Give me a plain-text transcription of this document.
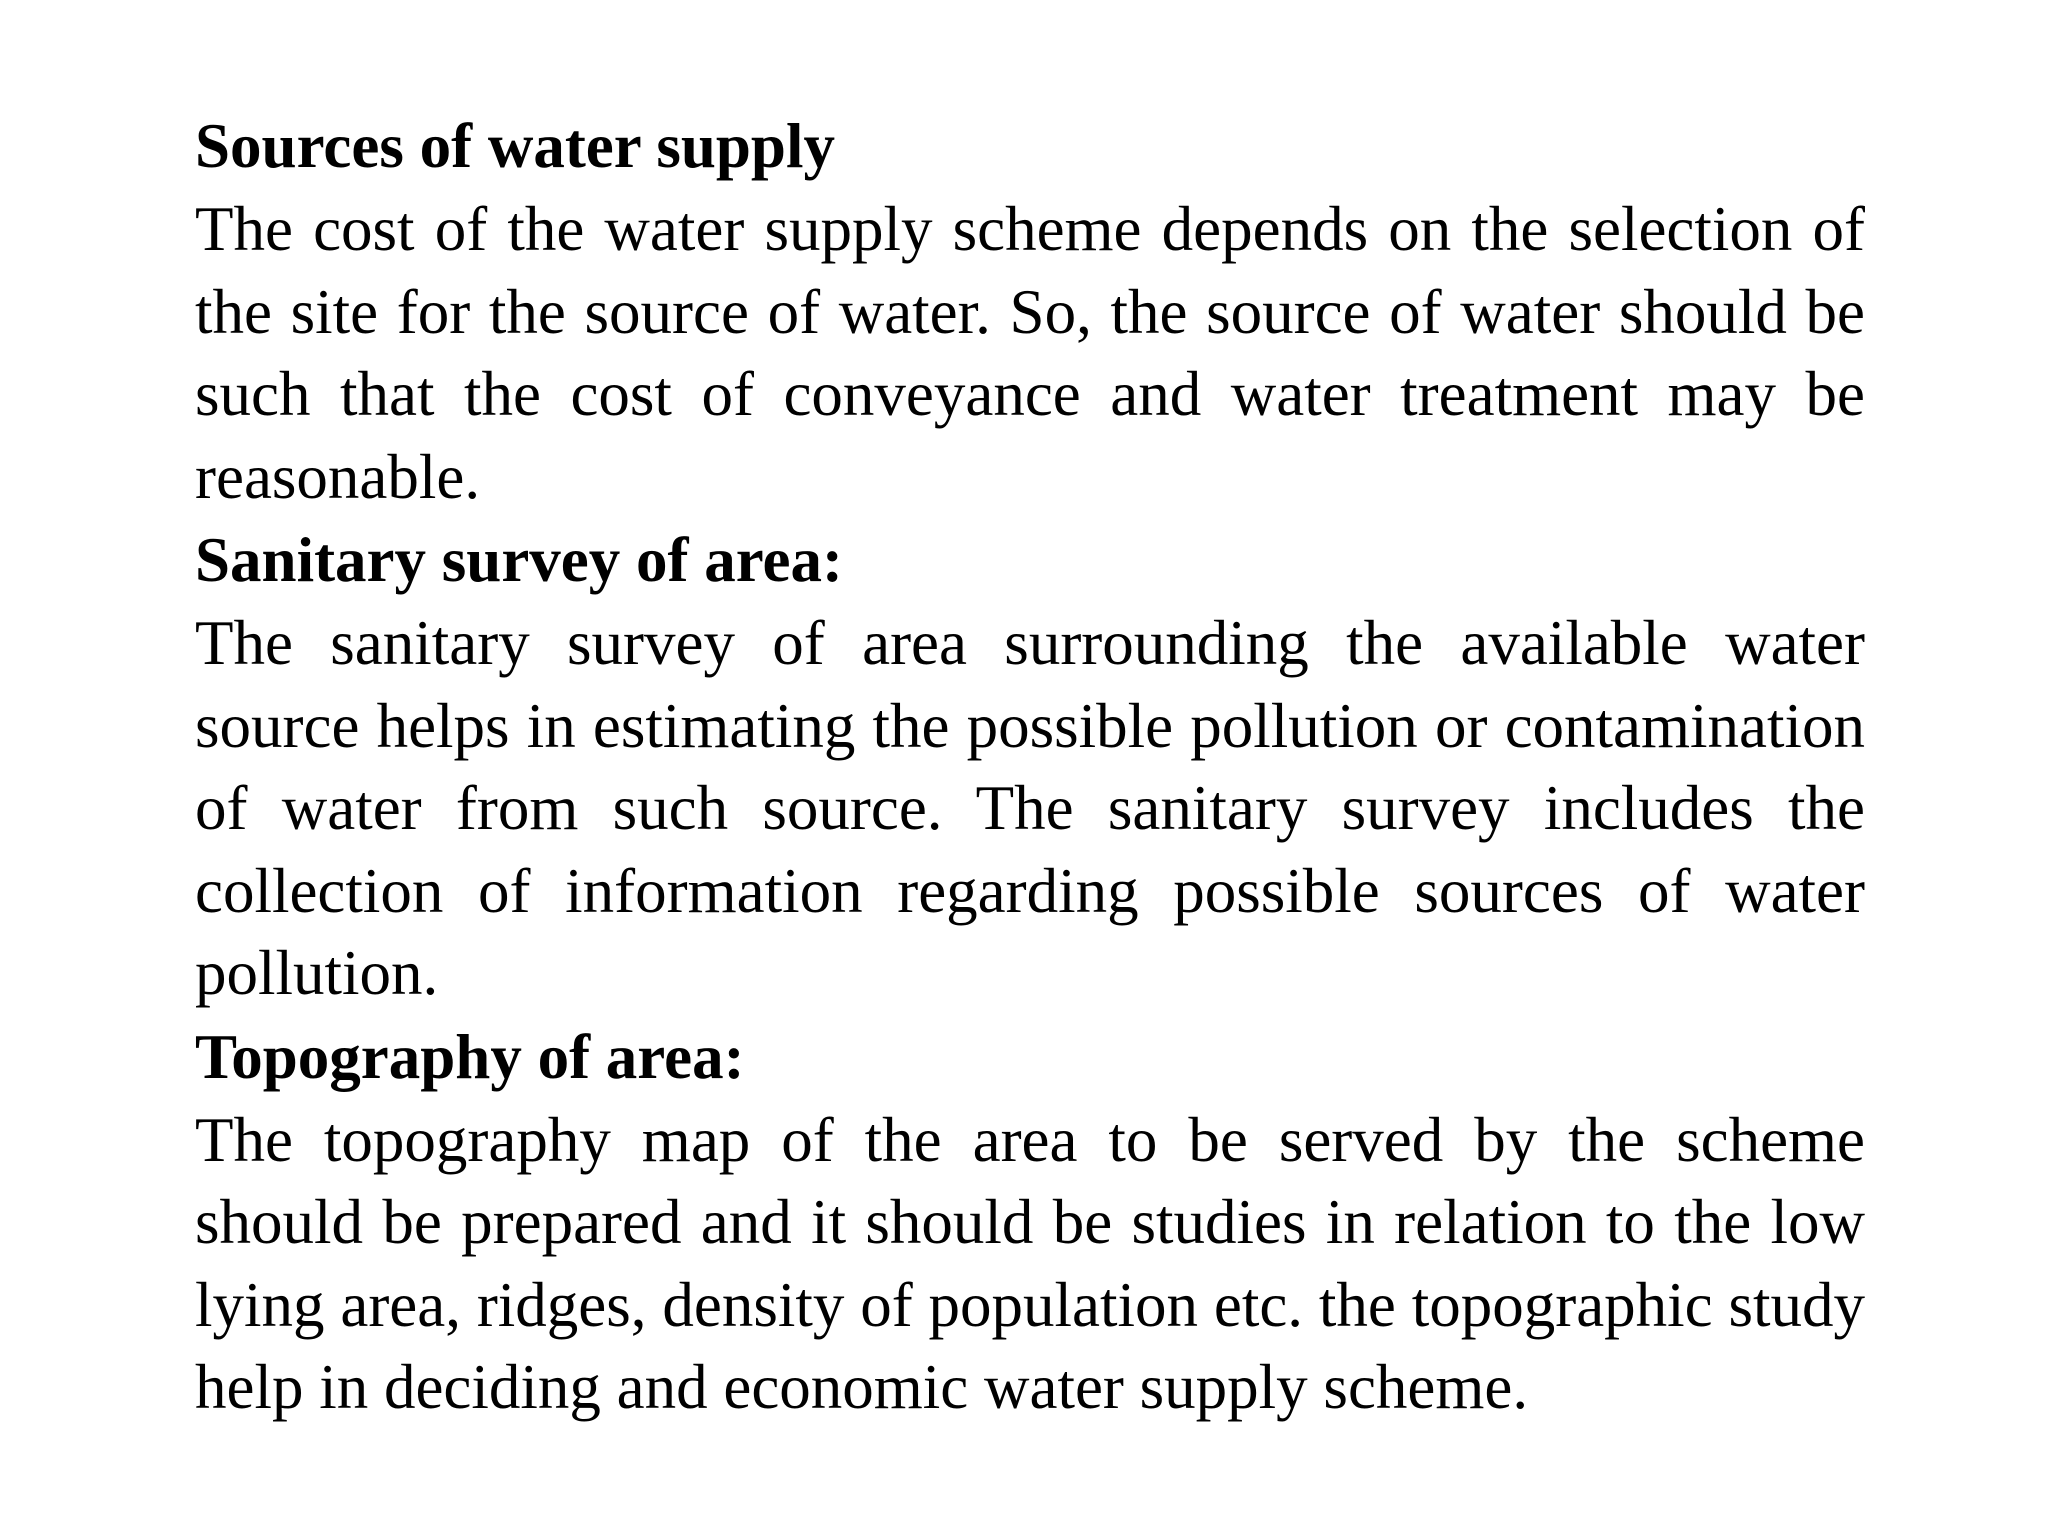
Sources of water supply

The cost of the water supply scheme depends on the selection of the site for the source of water. So, the source of water should be such that the cost of conveyance and water treatment may be reasonable.

Sanitary survey of area:

The sanitary survey of area surrounding the available water source helps in estimating the possible pollution or contamination of water from such source. The sanitary survey includes the collection of information regarding possible sources of water pollution.

Topography of area:

The topography map of the area to be served by the scheme should be prepared and it should be studies in relation to the low lying area, ridges, density of population etc. the topographic study help in deciding and economic water supply scheme.
